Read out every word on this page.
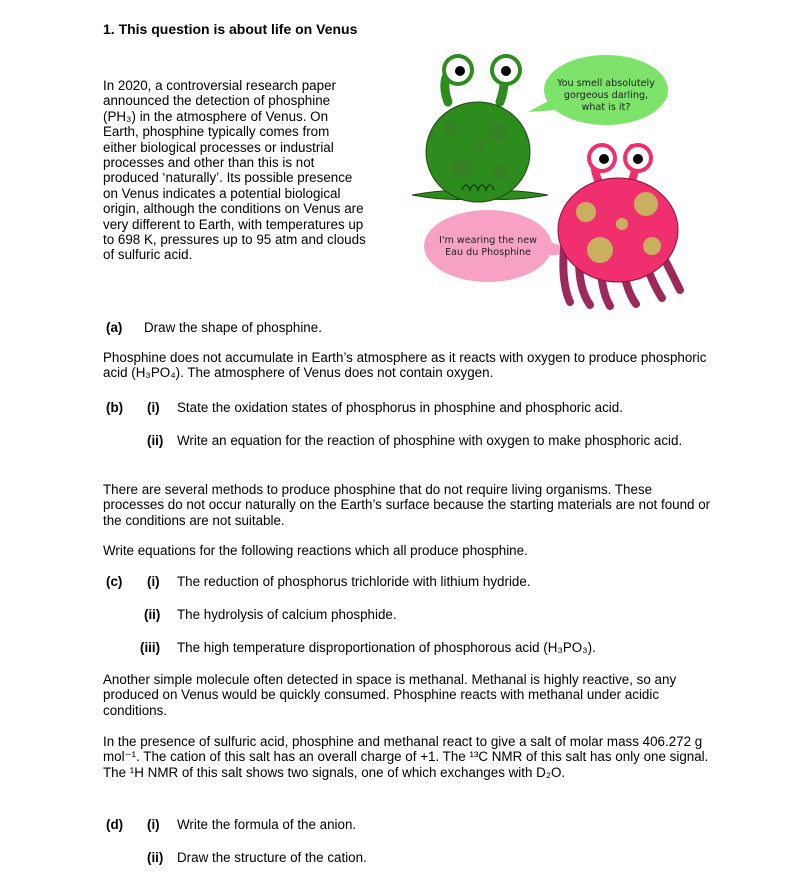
1. This question is about life on Venus
In 2020, a controversial research paper
announced the detection of phosphine
(PH₃) in the atmosphere of Venus. On
Earth, phosphine typically comes from
either biological processes or industrial
processes and other than this is not
produced ‘naturally’. Its possible presence
on Venus indicates a potential biological
origin, although the conditions on Venus are
very different to Earth, with temperatures up
to 698 K, pressures up to 95 atm and clouds
of sulfuric acid.
You smell absolutely
gorgeous darling,
what is it?
I'm wearing the new
Eau du Phosphine
(a) Draw the shape of phosphine.
Phosphine does not accumulate in Earth’s atmosphere as it reacts with oxygen to produce phosphoric acid (H₃PO₄). The atmosphere of Venus does not contain oxygen.
(b) (i) State the oxidation states of phosphorus in phosphine and phosphoric acid.
(ii) Write an equation for the reaction of phosphine with oxygen to make phosphoric acid.
There are several methods to produce phosphine that do not require living organisms. These processes do not occur naturally on the Earth’s surface because the starting materials are not found or the conditions are not suitable.
Write equations for the following reactions which all produce phosphine.
(c) (i) The reduction of phosphorus trichloride with lithium hydride.
(ii) The hydrolysis of calcium phosphide.
(iii) The high temperature disproportionation of phosphorous acid (H₃PO₃).
Another simple molecule often detected in space is methanal. Methanal is highly reactive, so any produced on Venus would be quickly consumed. Phosphine reacts with methanal under acidic conditions.
In the presence of sulfuric acid, phosphine and methanal react to give a salt of molar mass 406.272 g mol⁻¹. The cation of this salt has an overall charge of +1. The ¹³C NMR of this salt has only one signal. The ¹H NMR of this salt shows two signals, one of which exchanges with D₂O.
(d) (i) Write the formula of the anion.
(ii) Draw the structure of the cation.
